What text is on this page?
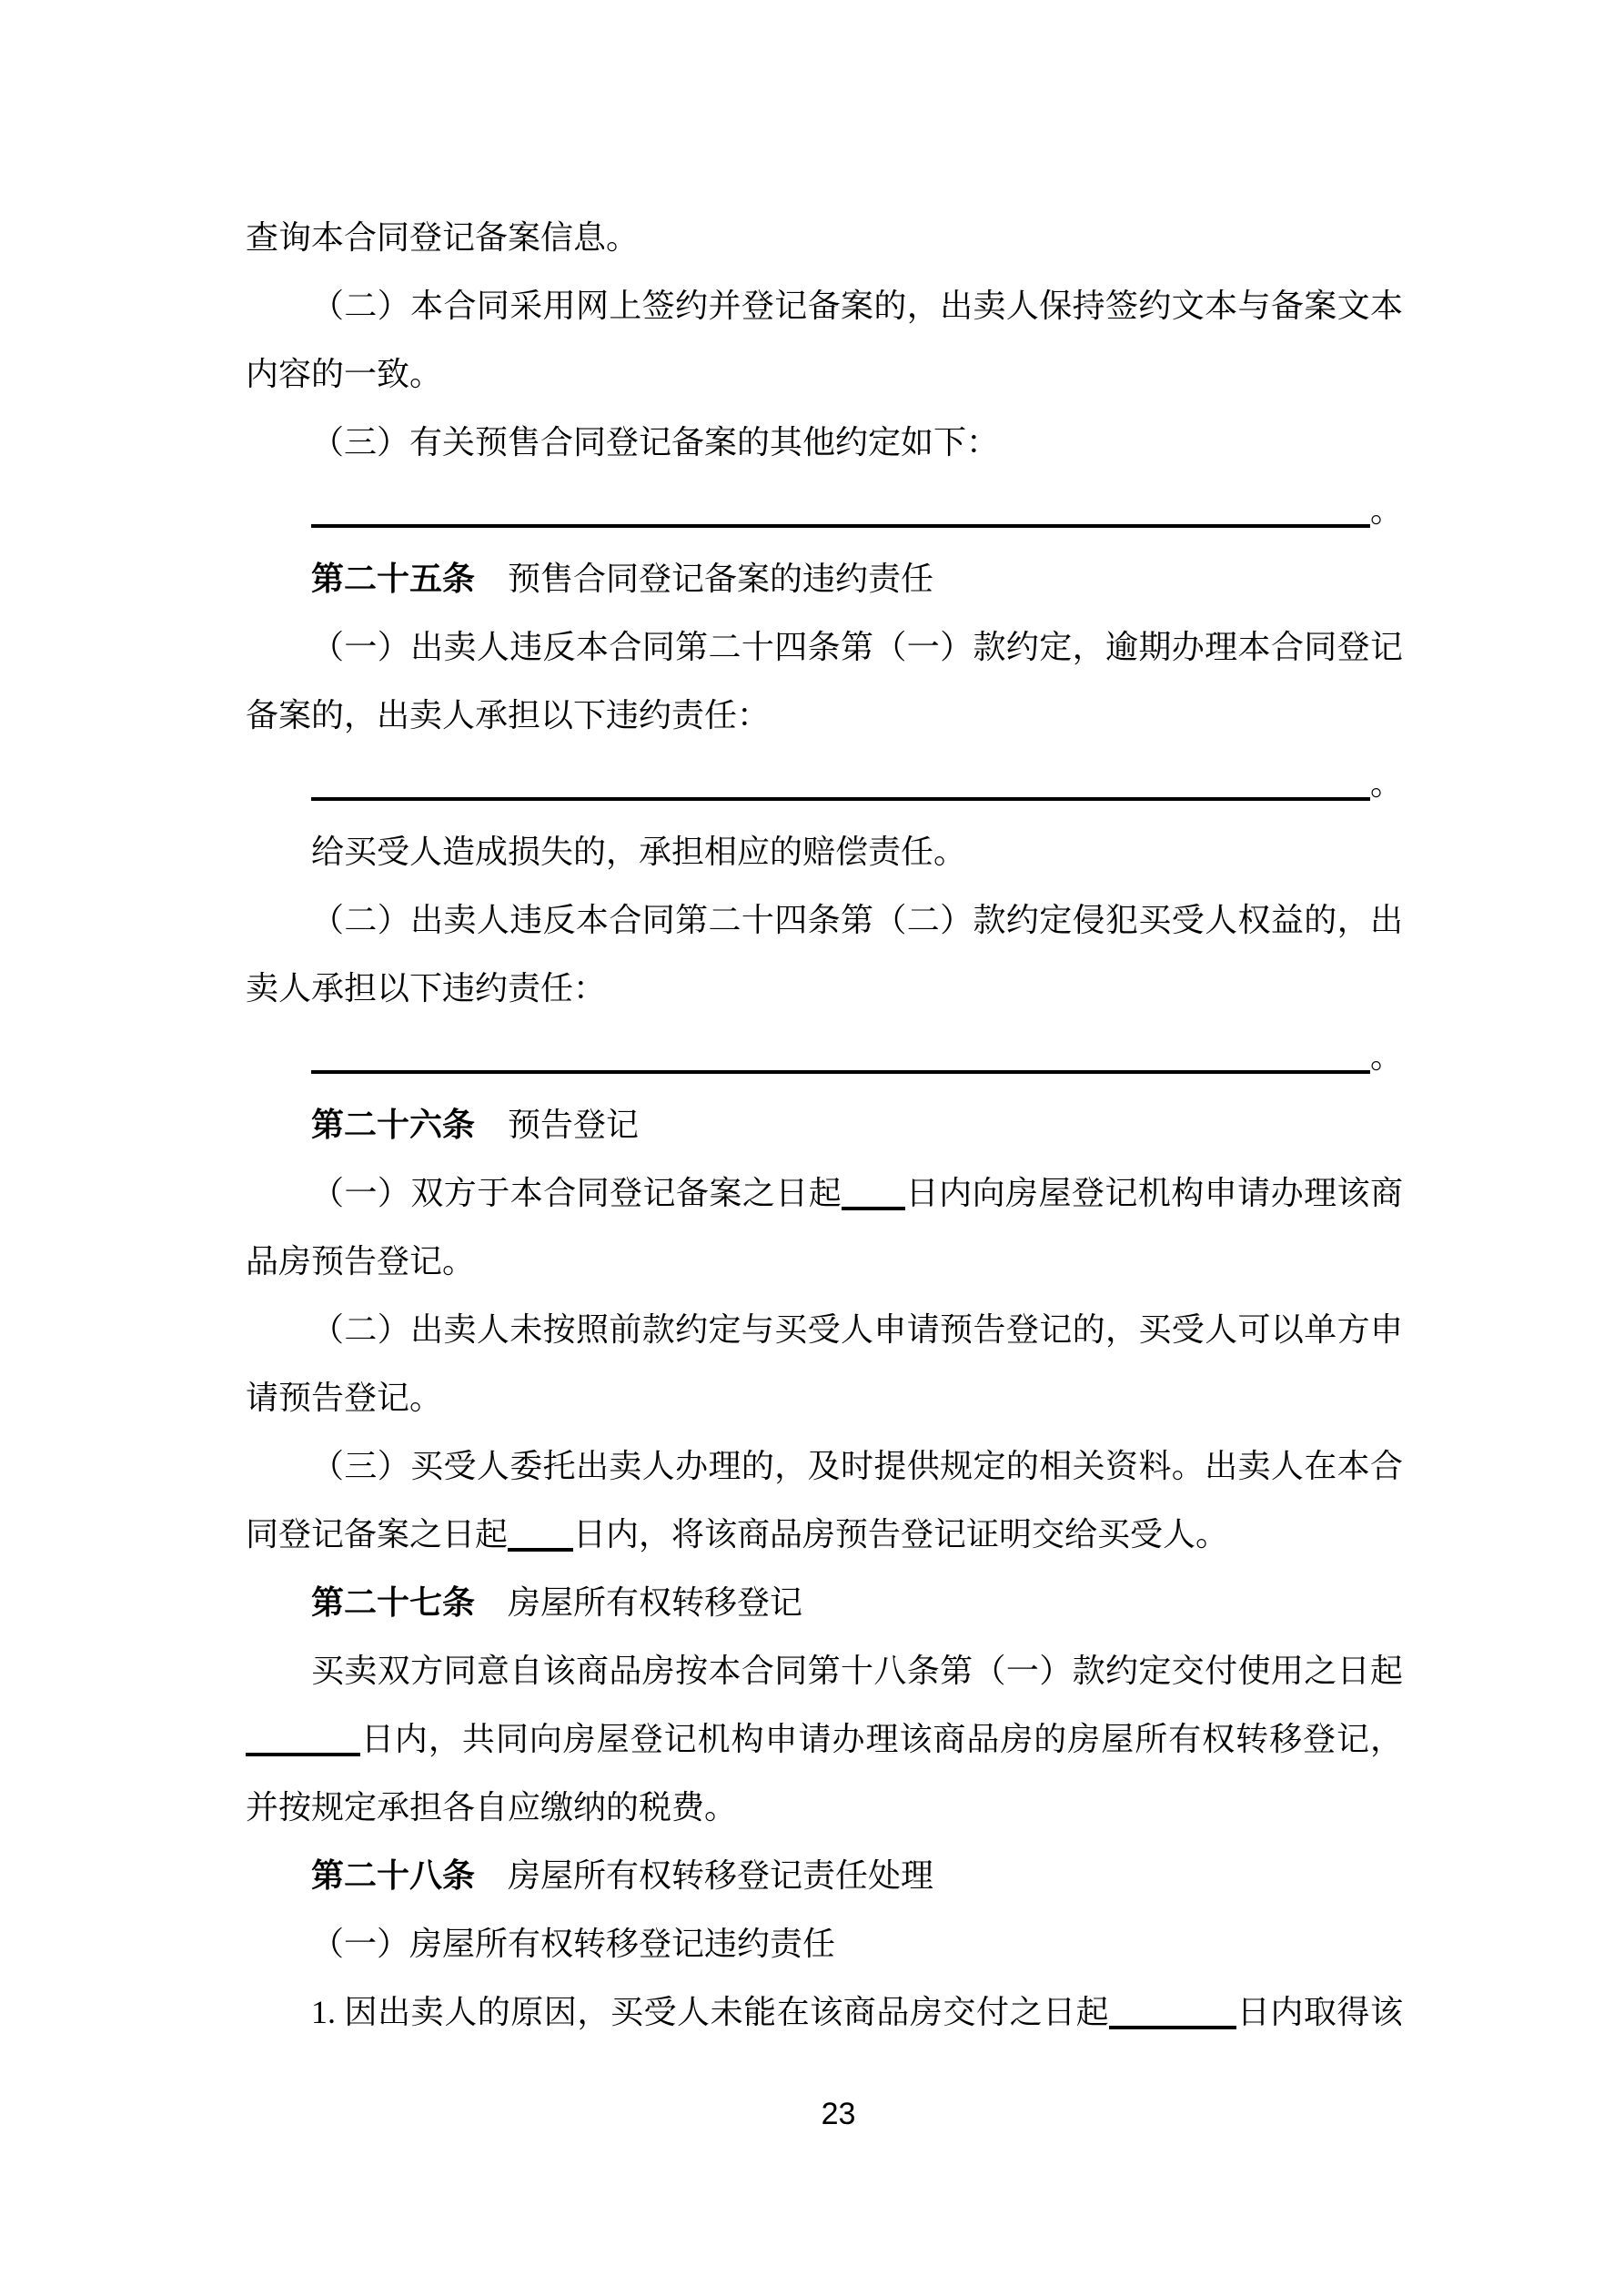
查询本合同登记备案信息。
（二）本合同采用网上签约并登记备案的，出卖人保持签约文本与备案文本
内容的一致。
（三）有关预售合同登记备案的其他约定如下：
。
第二十五条　预售合同登记备案的违约责任
（一）出卖人违反本合同第二十四条第（一）款约定，逾期办理本合同登记
备案的，出卖人承担以下违约责任：
。
给买受人造成损失的，承担相应的赔偿责任。
（二）出卖人违反本合同第二十四条第（二）款约定侵犯买受人权益的，出
卖人承担以下违约责任：
。
第二十六条　预告登记
（一）双方于本合同登记备案之日起 日内向房屋登记机构申请办理该商
品房预告登记。
（二）出卖人未按照前款约定与买受人申请预告登记的，买受人可以单方申
请预告登记。
（三）买受人委托出卖人办理的，及时提供规定的相关资料。出卖人在本合
同登记备案之日起 日内，将该商品房预告登记证明交给买受人。
第二十七条　房屋所有权转移登记
买卖双方同意自该商品房按本合同第十八条第（一）款约定交付使用之日起
日内，共同向房屋登记机构申请办理该商品房的房屋所有权转移登记，
并按规定承担各自应缴纳的税费。
第二十八条　房屋所有权转移登记责任处理
（一）房屋所有权转移登记违约责任
1. 因出卖人的原因，买受人未能在该商品房交付之日起	日内取得该
23
